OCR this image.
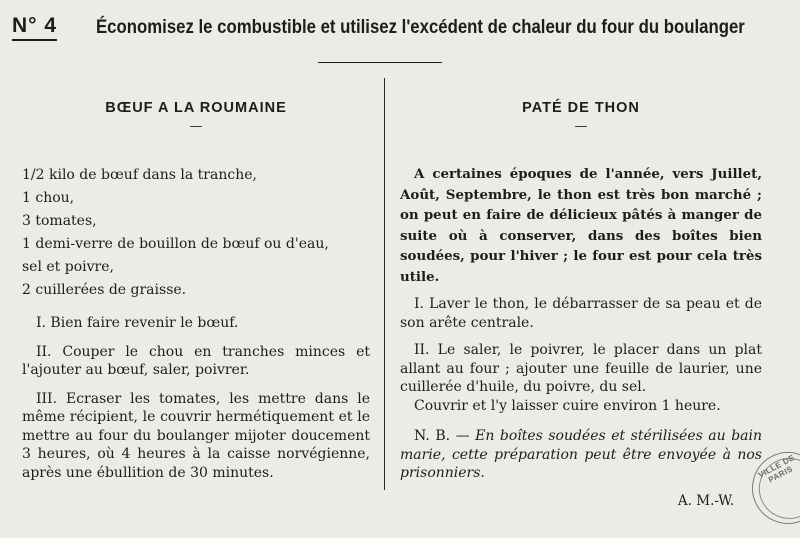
N° 4 Économisez le combustible et utilisez l'excédent de chaleur du four du boulanger
BŒUF A LA ROUMAINE
—
1/2 kilo de bœuf dans la tranche,
1 chou,
3 tomates,
1 demi-verre de bouillon de bœuf ou d'eau,
sel et poivre,
2 cuillerées de graisse.

I. Bien faire revenir le bœuf.

II. Couper le chou en tranches minces et l'ajouter au bœuf, saler, poivrer.

III. Ecraser les tomates, les mettre dans le même récipient, le couvrir hermétiquement et le mettre au four du boulanger mijoter doucement 3 heures, où 4 heures à la caisse norvégienne, après une ébullition de 30 minutes.

PATÉ DE THON
—

A certaines époques de l'année, vers Juillet, Août, Septembre, le thon est très bon marché ; on peut en faire de délicieux pâtés à manger de suite où à conserver, dans des boîtes bien soudées, pour l'hiver ; le four est pour cela très utile.

I. Laver le thon, le débarrasser de sa peau et de son arête centrale.

II. Le saler, le poivrer, le placer dans un plat allant au four ; ajouter une feuille de laurier, une cuillerée d'huile, du poivre, du sel.

Couvrir et l'y laisser cuire environ 1 heure.

N. B. — En boîtes soudées et stérilisées au bain marie, cette préparation peut être envoyée à nos prisonniers.

A. M.-W.
VILLE DE PARIS
